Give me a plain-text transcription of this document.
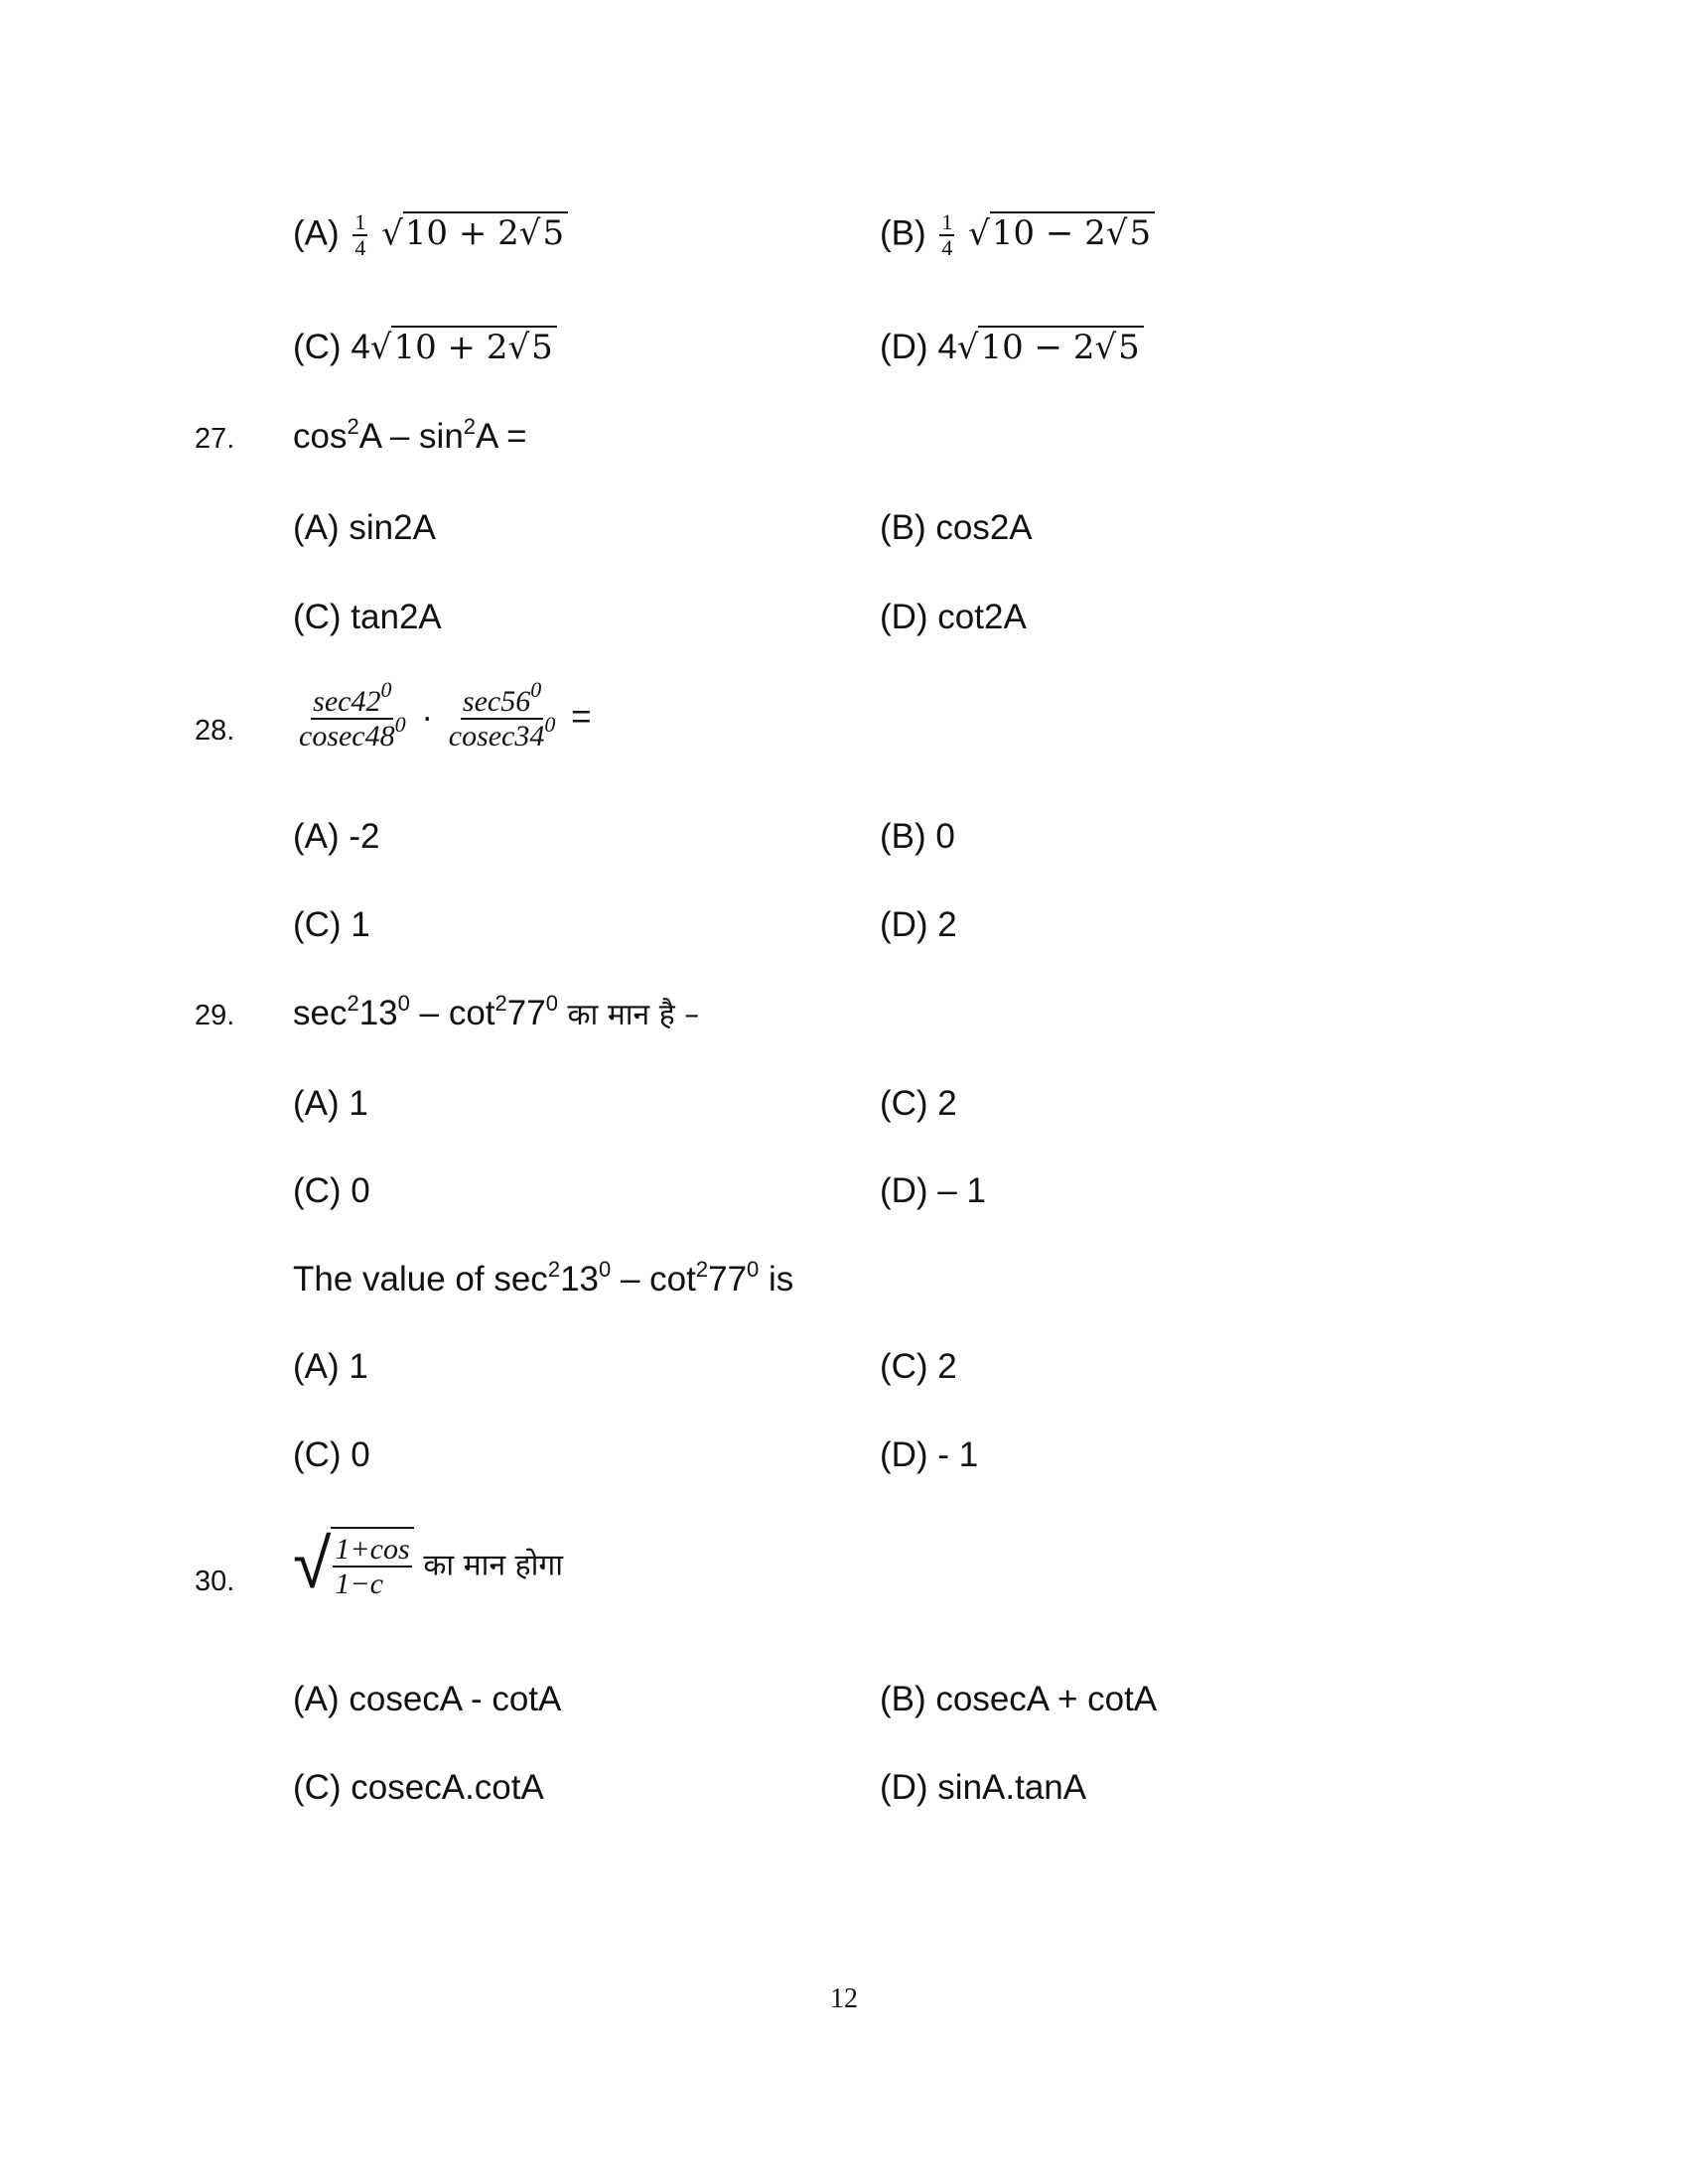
$(A) \frac{1}{4} √10 + 2√5$	$(B) \frac{1}{4} √10 - 2√5$
(C) 4√10 + 2√5	(D) 4√10 − 2√5
27. $\cos^2A - \sin^2A$ =
(A) sin2A	(B) cos2A
(C) tan2A	(D) cot2A
28. $\frac{\sec 42^0}{cosec48^0} \cdot \frac{\sec 56^0}{cosec34^0}$ =
(A) -2	(B) 0
(C) 1	(D) 2
29. $\sec^213^0 - \cot^277^0$ का मान है –
(A) 1	(C) 2
(C) 0	(D) – 1
The value of $\sec^213^0 - \cot^277^0$ is
(A) 1	(C) 2
(C) 0	(D) - 1
30. √ $\frac{1+\cos}{1-c}$ का मान होगा
(A) cosecA - cotA	(B) cosecA + cotA
(C) cosecA.cotA	(D) sinA.tanA
12
